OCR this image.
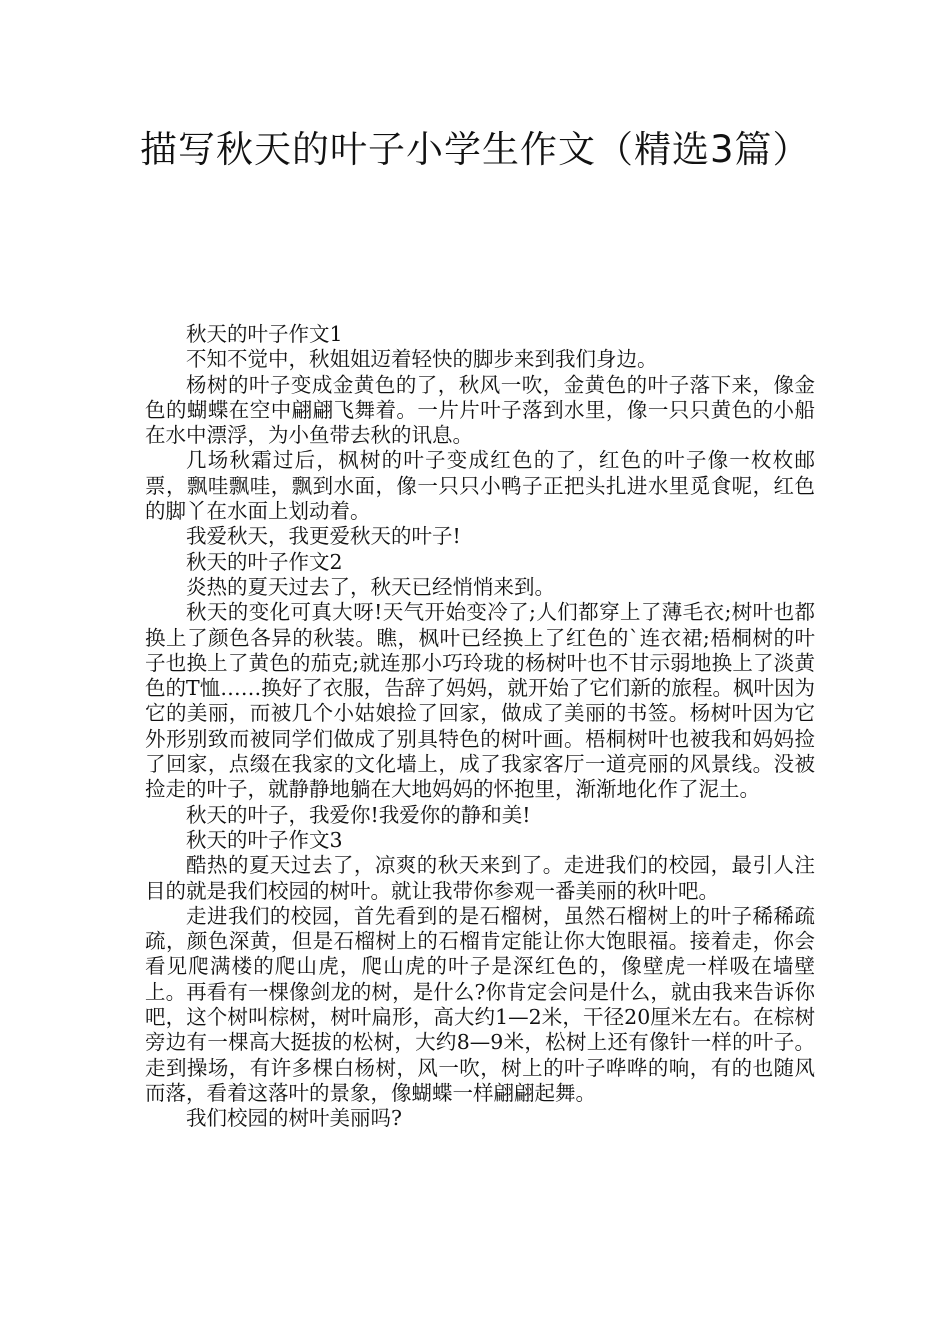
描写秋天的叶子小学生作文（精选3篇）

秋天的叶子作文1

不知不觉中，秋姐姐迈着轻快的脚步来到我们身边。

杨树的叶子变成金黄色的了，秋风一吹，金黄色的叶子落下来，像金色的蝴蝶在空中翩翩飞舞着。一片片叶子落到水里，像一只只黄色的小船在水中漂浮，为小鱼带去秋的讯息。

几场秋霜过后，枫树的叶子变成红色的了，红色的叶子像一枚枚邮票，飘哇飘哇，飘到水面，像一只只小鸭子正把头扎进水里觅食呢，红色的脚丫在水面上划动着。

我爱秋天，我更爱秋天的叶子!

秋天的叶子作文2

炎热的夏天过去了，秋天已经悄悄来到。

秋天的变化可真大呀!天气开始变冷了;人们都穿上了薄毛衣;树叶也都换上了颜色各异的秋装。瞧，枫叶已经换上了红色的`连衣裙;梧桐树的叶子也换上了黄色的茄克;就连那小巧玲珑的杨树叶也不甘示弱地换上了淡黄色的T恤……换好了衣服，告辞了妈妈，就开始了它们新的旅程。枫叶因为它的美丽，而被几个小姑娘捡了回家，做成了美丽的书签。杨树叶因为它外形别致而被同学们做成了别具特色的树叶画。梧桐树叶也被我和妈妈捡了回家，点缀在我家的文化墙上，成了我家客厅一道亮丽的风景线。没被捡走的叶子，就静静地躺在大地妈妈的怀抱里，渐渐地化作了泥土。

秋天的叶子，我爱你!我爱你的静和美!

秋天的叶子作文3

酷热的夏天过去了，凉爽的秋天来到了。走进我们的校园，最引人注目的就是我们校园的树叶。就让我带你参观一番美丽的秋叶吧。

走进我们的校园，首先看到的是石榴树，虽然石榴树上的叶子稀稀疏疏，颜色深黄，但是石榴树上的石榴肯定能让你大饱眼福。接着走，你会看见爬满楼的爬山虎，爬山虎的叶子是深红色的，像壁虎一样吸在墙壁上。再看有一棵像剑龙的树，是什么?你肯定会问是什么，就由我来告诉你吧，这个树叫棕树，树叶扁形，高大约1—2米，干径20厘米左右。在棕树旁边有一棵高大挺拔的松树，大约8—9米，松树上还有像针一样的叶子。走到操场，有许多棵白杨树，风一吹，树上的叶子哗哗的响，有的也随风而落，看着这落叶的景象，像蝴蝶一样翩翩起舞。

我们校园的树叶美丽吗?
